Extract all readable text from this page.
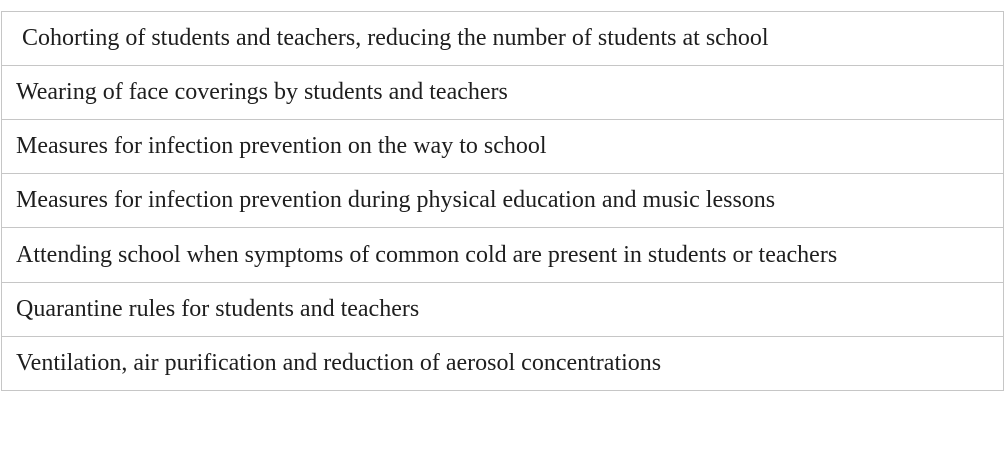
Cohorting of students and teachers, reducing the number of students at school
Wearing of face coverings by students and teachers
Measures for infection prevention on the way to school
Measures for infection prevention during physical education and music lessons
Attending school when symptoms of common cold are present in students or teachers
Quarantine rules for students and teachers
Ventilation, air purification and reduction of aerosol concentrations
